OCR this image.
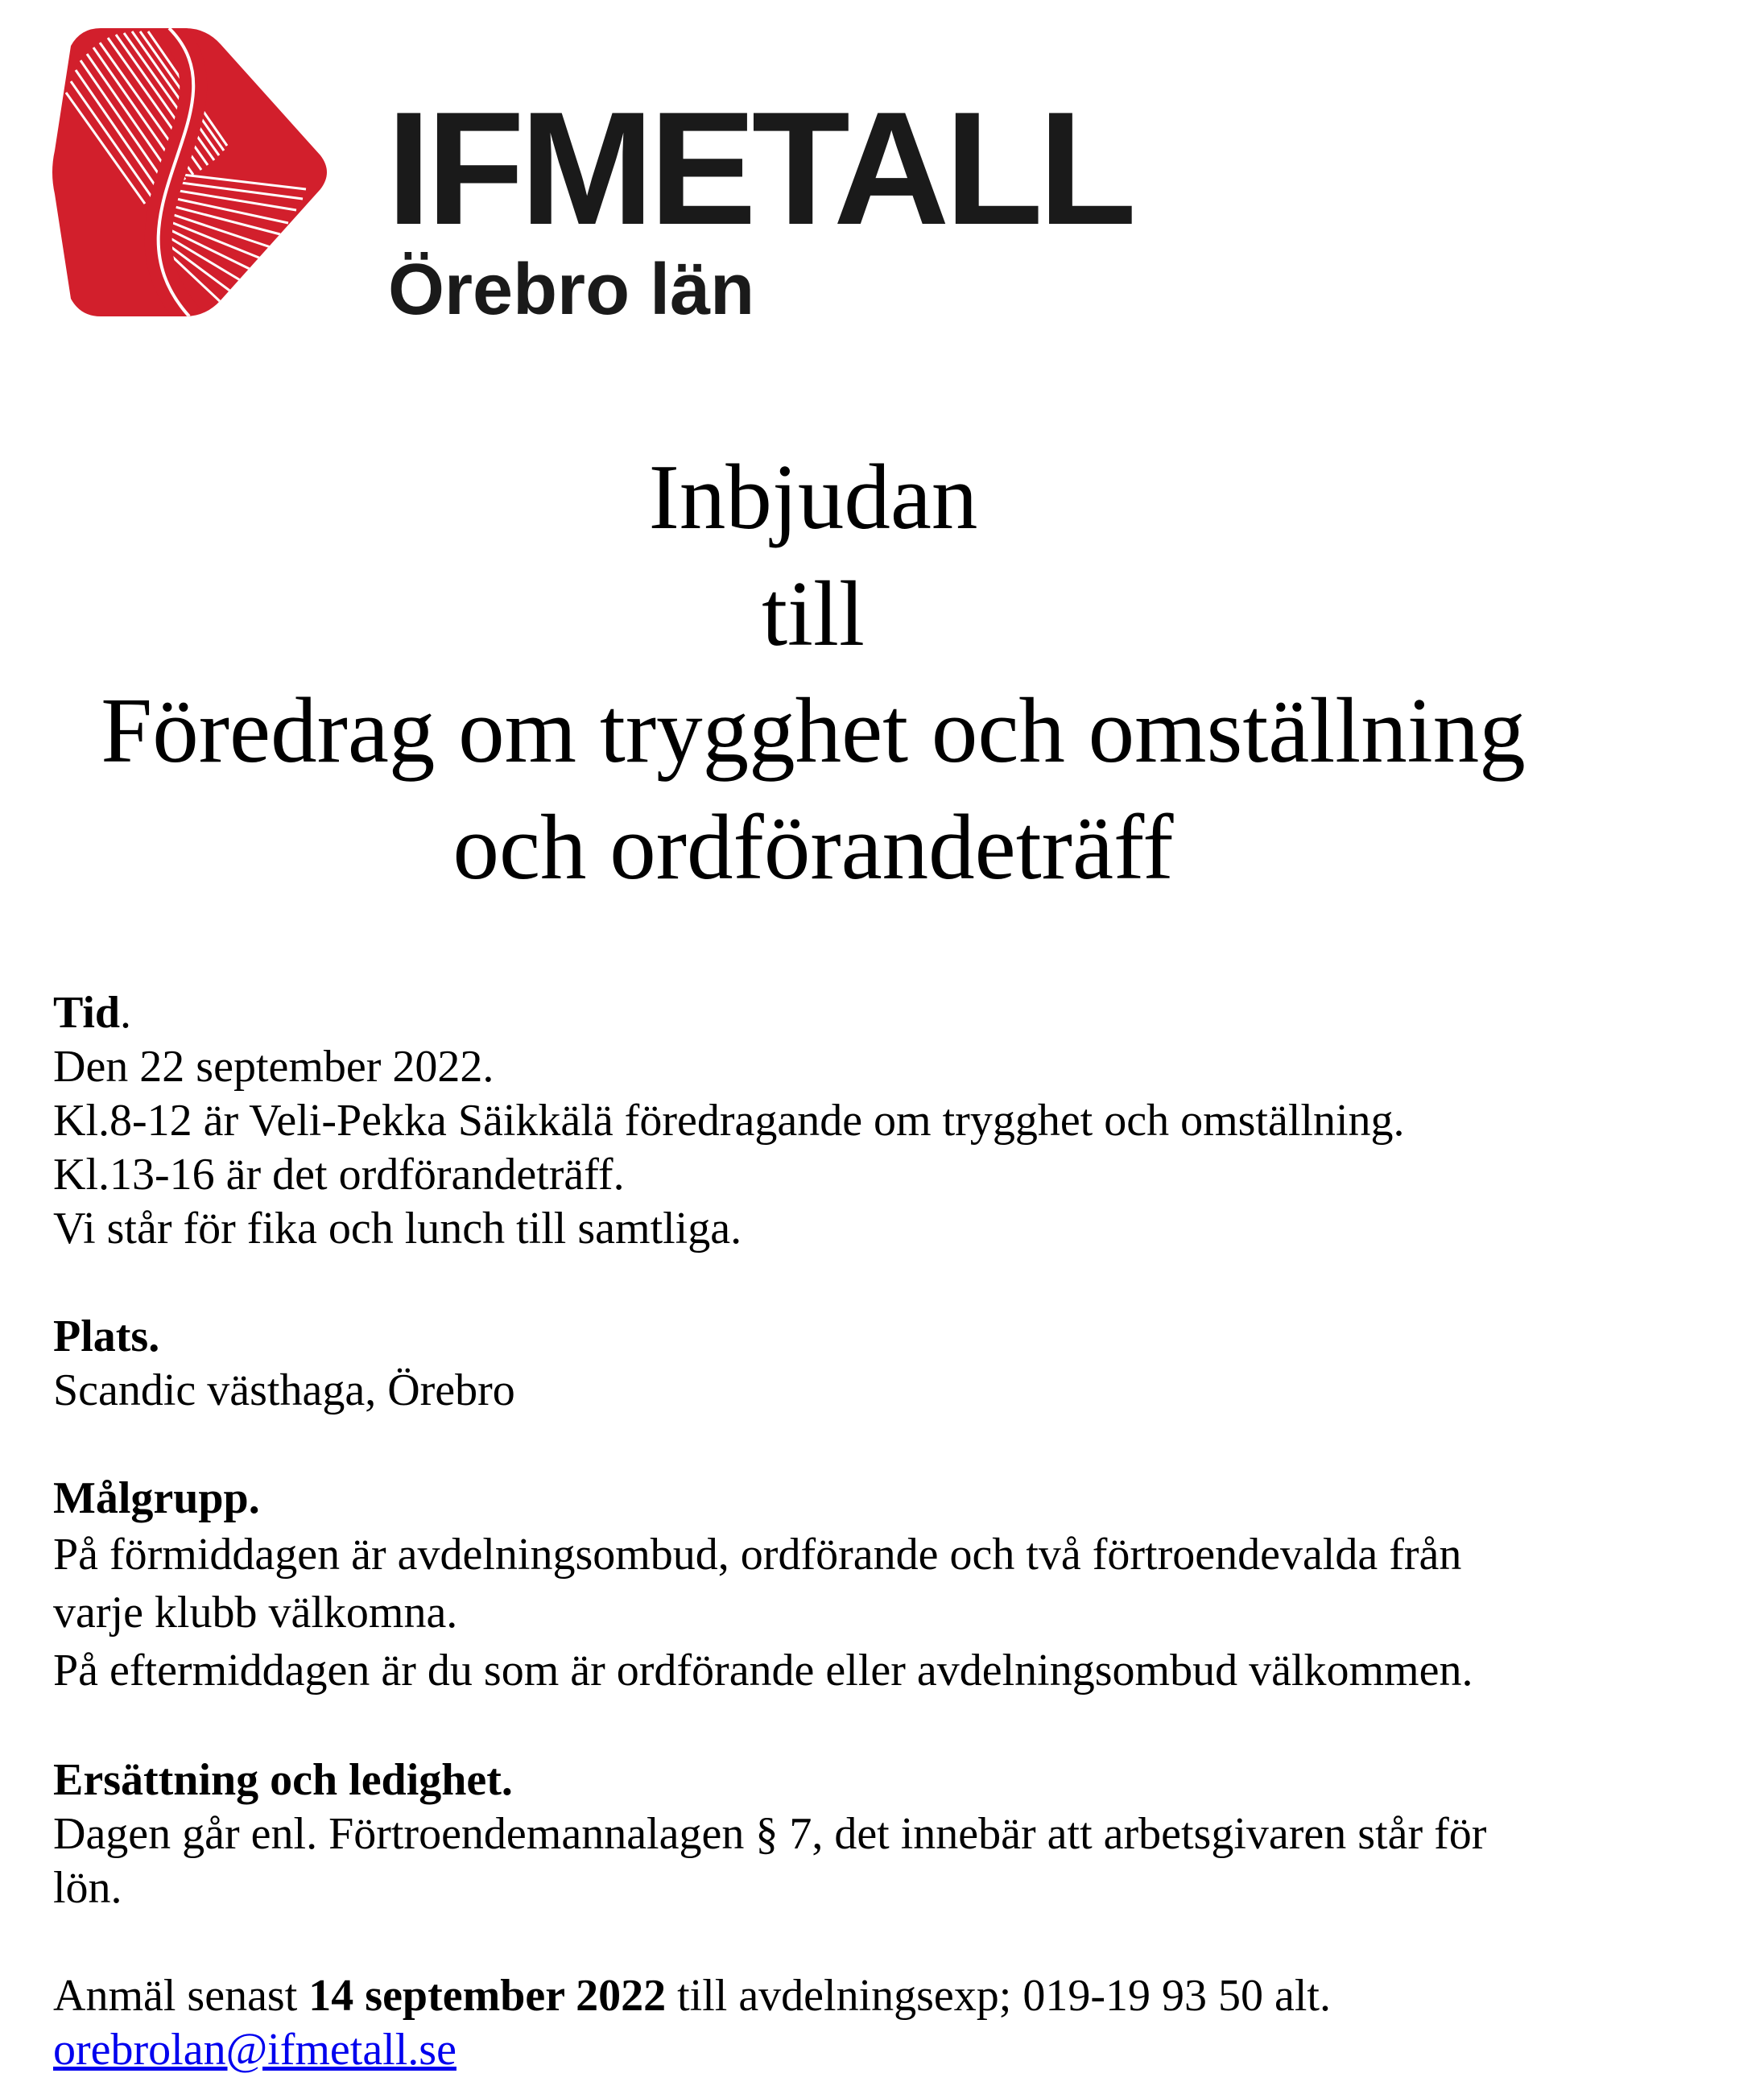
IFMETALL
Örebro län
Inbjudan
till
Föredrag om trygghet och omställning
och ordförandeträff

Tid.

Den 22 september 2022.

Kl.8-12 är Veli-Pekka Säikkälä föredragande om trygghet och omställning.

Kl.13-16 är det ordförandeträff.

Vi står för fika och lunch till samtliga.

Plats.

Scandic västhaga, Örebro

Målgrupp.

På förmiddagen är avdelningsombud, ordförande och två förtroendevalda från

varje klubb välkomna.

På eftermiddagen är du som är ordförande eller avdelningsombud välkommen.

Ersättning och ledighet.

Dagen går enl. Förtroendemannalagen § 7, det innebär att arbetsgivaren står för

lön.

Anmäl senast 14 september 2022 till avdelningsexp; 019-19 93 50 alt.

orebrolan@ifmetall.se
